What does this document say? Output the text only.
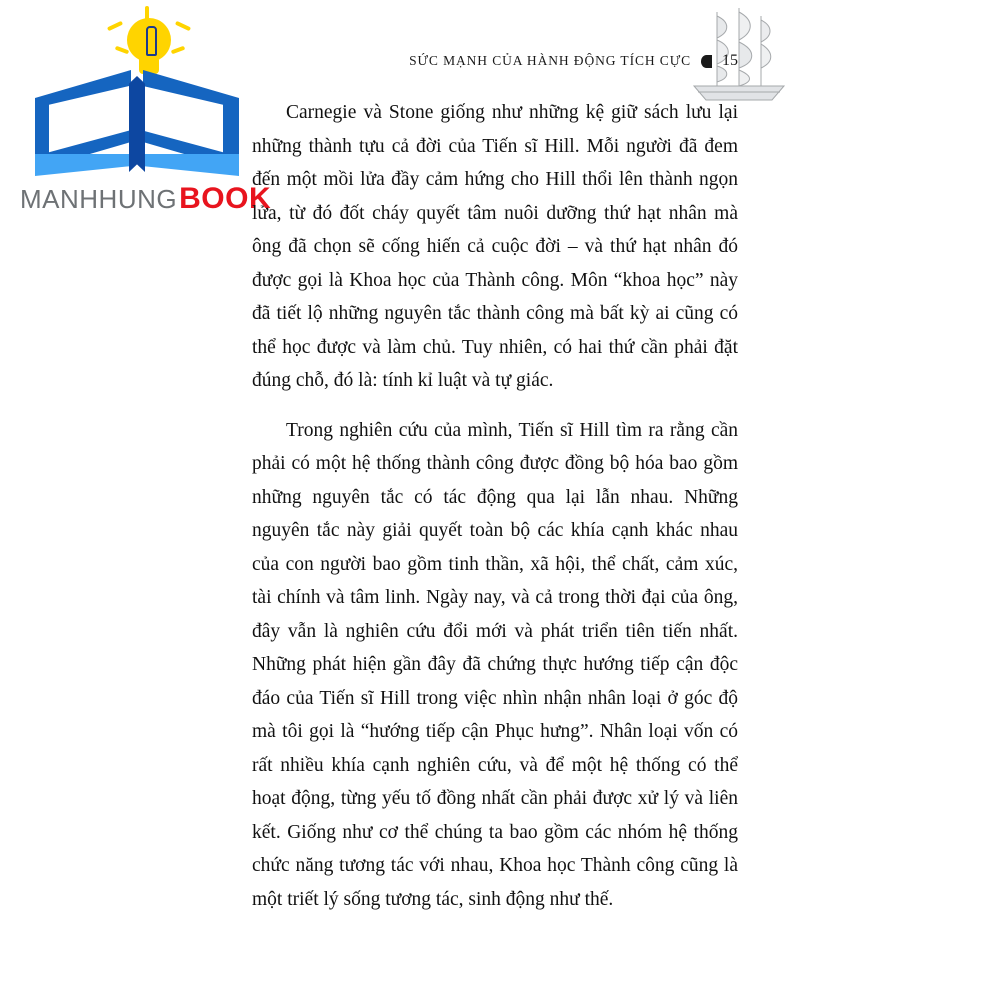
MANHHUNG BOOK
SỨC MẠNH CỦA HÀNH ĐỘNG TÍCH CỰC 15

Carnegie và Stone giống như những kệ giữ sách lưu lại những thành tựu cả đời của Tiến sĩ Hill. Mỗi người đã đem đến một mồi lửa đầy cảm hứng cho Hill thổi lên thành ngọn lửa, từ đó đốt cháy quyết tâm nuôi dưỡng thứ hạt nhân mà ông đã chọn sẽ cống hiến cả cuộc đời – và thứ hạt nhân đó được gọi là Khoa học của Thành công. Môn “khoa học” này đã tiết lộ những nguyên tắc thành công mà bất kỳ ai cũng có thể học được và làm chủ. Tuy nhiên, có hai thứ cần phải đặt đúng chỗ, đó là: tính kỉ luật và tự giác.

Trong nghiên cứu của mình, Tiến sĩ Hill tìm ra rằng cần phải có một hệ thống thành công được đồng bộ hóa bao gồm những nguyên tắc có tác động qua lại lẫn nhau. Những nguyên tắc này giải quyết toàn bộ các khía cạnh khác nhau của con người bao gồm tinh thần, xã hội, thể chất, cảm xúc, tài chính và tâm linh. Ngày nay, và cả trong thời đại của ông, đây vẫn là nghiên cứu đổi mới và phát triển tiên tiến nhất. Những phát hiện gần đây đã chứng thực hướng tiếp cận độc đáo của Tiến sĩ Hill trong việc nhìn nhận nhân loại ở góc độ mà tôi gọi là “hướng tiếp cận Phục hưng”. Nhân loại vốn có rất nhiều khía cạnh nghiên cứu, và để một hệ thống có thể hoạt động, từng yếu tố đồng nhất cần phải được xử lý và liên kết. Giống như cơ thể chúng ta bao gồm các nhóm hệ thống chức năng tương tác với nhau, Khoa học Thành công cũng là một triết lý sống tương tác, sinh động như thế.
